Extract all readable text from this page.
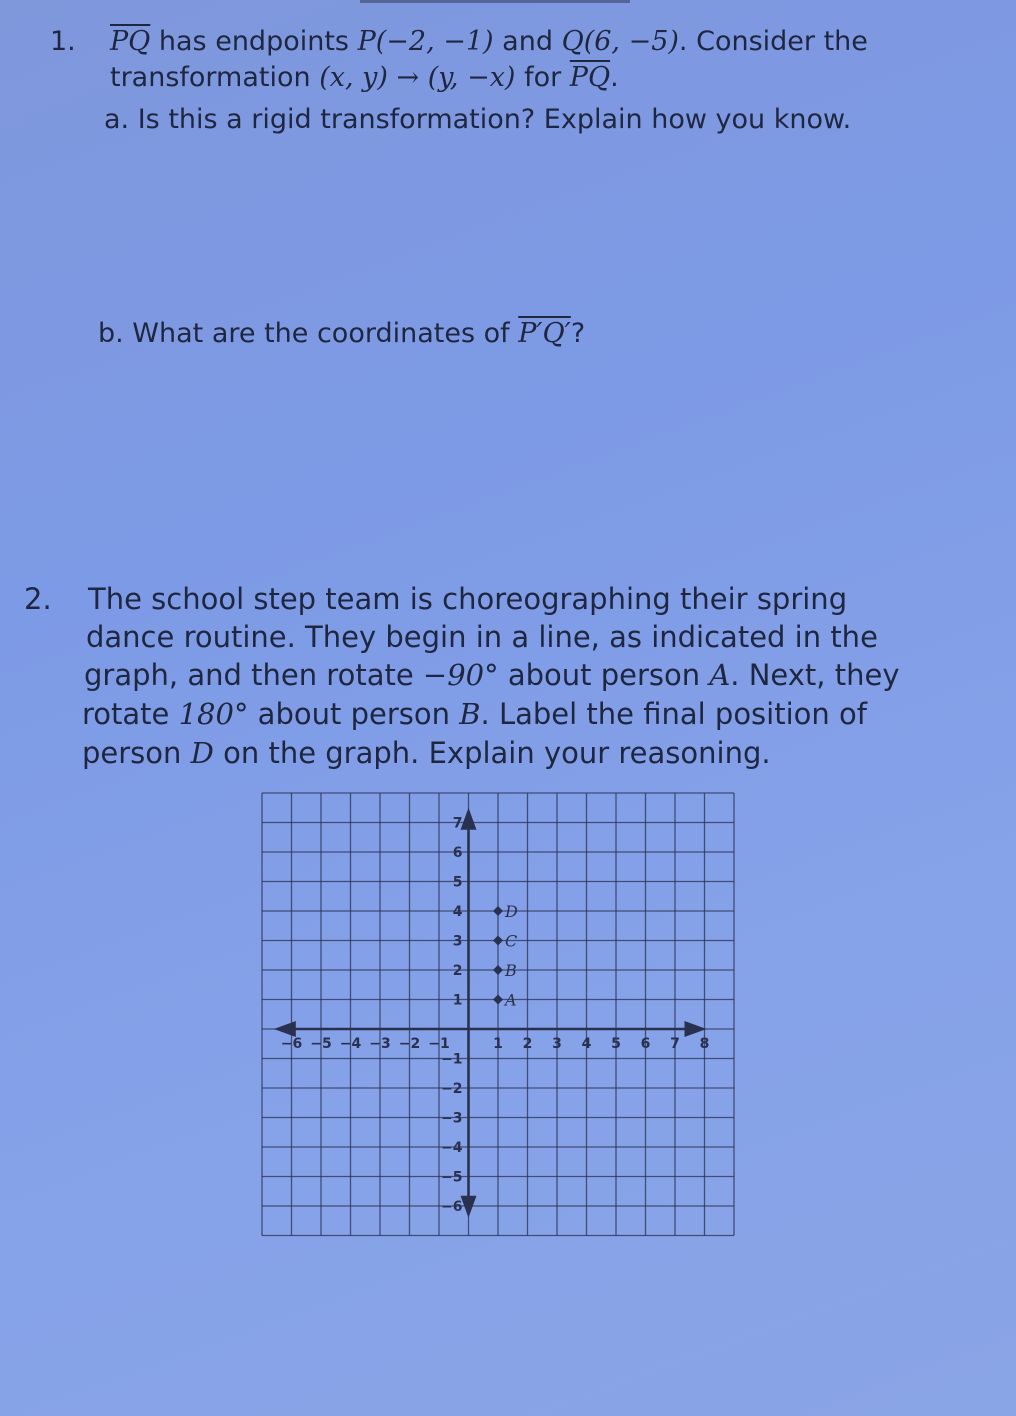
1. $\overline{PQ}$ has endpoints P(−2, −1) and Q(6, −5). Consider the
transformation (x, y) → (y, −x) for $\overline{PQ}$.
a. Is this a rigid transformation? Explain how you know.
b. What are the coordinates of P′Q′?
2. The school step team is choreographing their spring
dance routine. They begin in a line, as indicated in the
graph, and then rotate −90° about person A. Next, they
rotate 180° about person B. Label the final position of
person D on the graph. Explain your reasoning.
−6 −5 −4 −3 −2 −1	1 2 3 4 5 6 7 8
7
6
5
4
3
2
1
−1
−2
−3
−4
−5
−6
A
B
C
D
